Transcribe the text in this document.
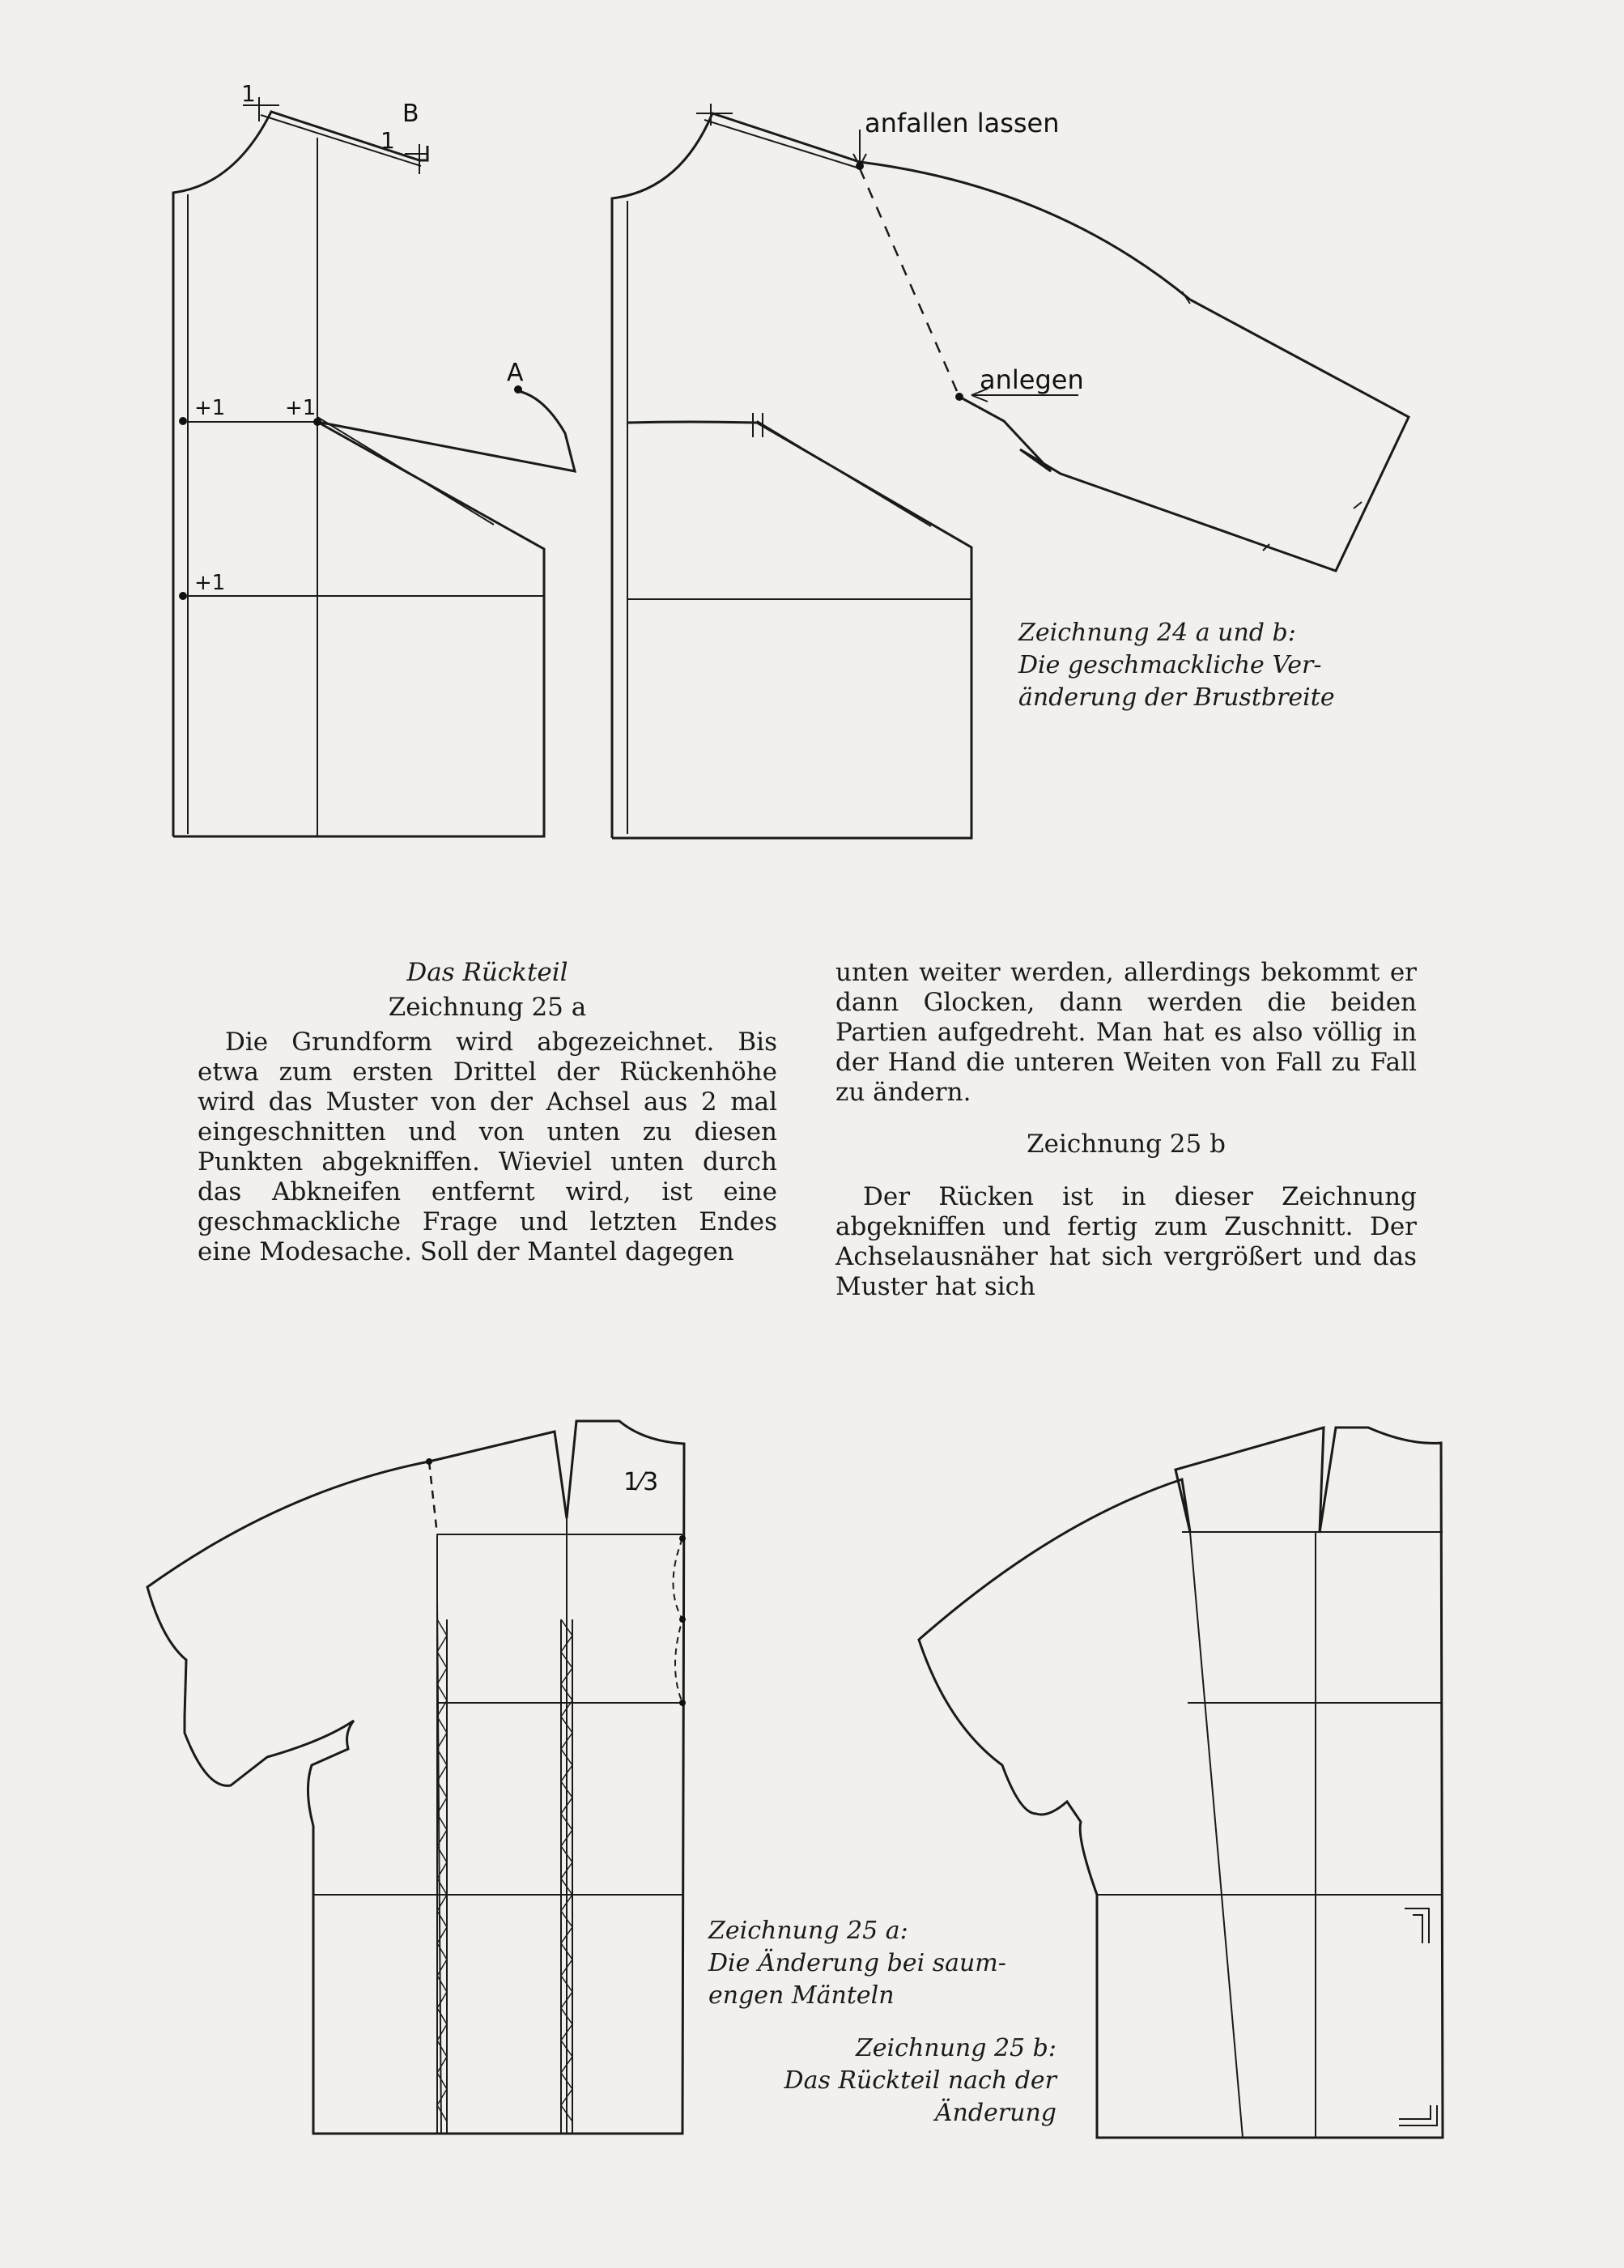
1
B
1
A
+1	+1
+1
anfallen lassen
anlegen
Zeichnung 24 a und b:
Die geschmackliche Ver-
änderung der Brustbreite
Das Rückteil
Zeichnung 25 a

Die Grundform wird abgezeichnet. Bis etwa zum ersten Drittel der Rückenhöhe wird das Muster von der Achsel aus 2 mal eingeschnitten und von unten zu diesen Punkten abgekniffen. Wieviel unten durch das Abkneifen entfernt wird, ist eine geschmackliche Frage und letzten Endes eine Modesache. Soll der Mantel dagegen

unten weiter werden, allerdings bekommt er dann Glocken, dann werden die beiden Partien aufgedreht. Man hat es also völlig in der Hand die unteren Weiten von Fall zu Fall zu ändern.

Zeichnung 25 b

Der Rücken ist in dieser Zeichnung abgekniffen und fertig zum Zuschnitt. Der Achselausnäher hat sich vergrößert und das Muster hat sich

1⁄3
Zeichnung 25 a:
Die Änderung bei saum-
engen Mänteln
Zeichnung 25 b:
Das Rückteil nach der
Änderung
